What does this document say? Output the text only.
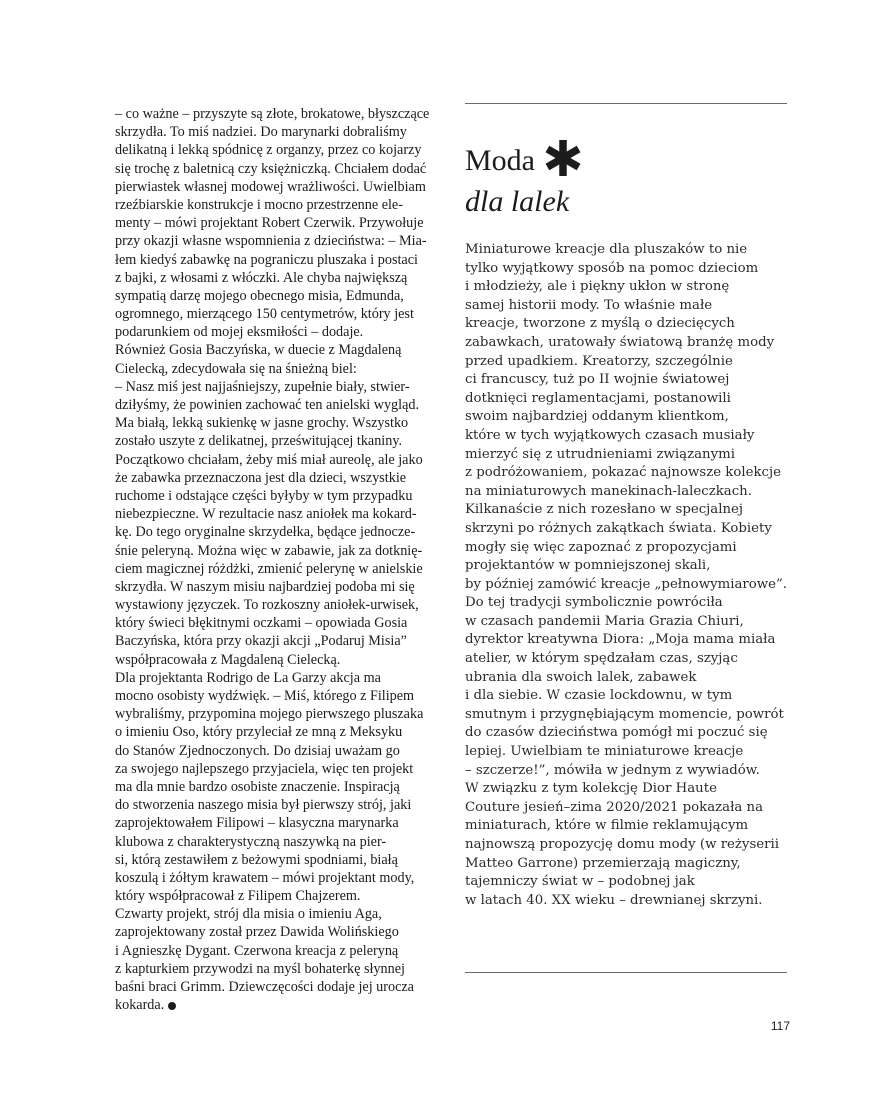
– co ważne – przyszyte są złote, brokatowe, błyszczące
skrzydła. To miś nadziei. Do marynarki dobraliśmy
delikatną i lekką spódnicę z organzy, przez co kojarzy
się trochę z baletnicą czy księżniczką. Chciałem dodać
pierwiastek własnej modowej wrażliwości. Uwielbiam
rzeźbiarskie konstrukcje i mocno przestrzenne ele-
menty – mówi projektant Robert Czerwik. Przywołuje
przy okazji własne wspomnienia z dzieciństwa: – Mia-
łem kiedyś zabawkę na pograniczu pluszaka i postaci
z bajki, z włosami z włóczki. Ale chyba największą
sympatią darzę mojego obecnego misia, Edmunda,
ogromnego, mierzącego 150 centymetrów, który jest
podarunkiem od mojej eksmiłości – dodaje.
Również Gosia Baczyńska, w duecie z Magdaleną
Cielecką, zdecydowała się na śnieżną biel:
– Nasz miś jest najjaśniejszy, zupełnie biały, stwier-
dziłyśmy, że powinien zachować ten anielski wygląd.
Ma białą, lekką sukienkę w jasne grochy. Wszystko
zostało uszyte z delikatnej, prześwitującej tkaniny.
Początkowo chciałam, żeby miś miał aureolę, ale jako
że zabawka przeznaczona jest dla dzieci, wszystkie
ruchome i odstające części byłyby w tym przypadku
niebezpieczne. W rezultacie nasz aniołek ma kokard-
kę. Do tego oryginalne skrzydełka, będące jednocze-
śnie peleryną. Można więc w zabawie, jak za dotknię-
ciem magicznej różdżki, zmienić pelerynę w anielskie
skrzydła. W naszym misiu najbardziej podoba mi się
wystawiony języczek. To rozkoszny aniołek-urwisek,
który świeci błękitnymi oczkami – opowiada Gosia
Baczyńska, która przy okazji akcji „Podaruj Misia”
współpracowała z Magdaleną Cielecką.
Dla projektanta Rodrigo de La Garzy akcja ma
mocno osobisty wydźwięk. – Miś, którego z Filipem
wybraliśmy, przypomina mojego pierwszego pluszaka
o imieniu Oso, który przyleciał ze mną z Meksyku
do Stanów Zjednoczonych. Do dzisiaj uważam go
za swojego najlepszego przyjaciela, więc ten projekt
ma dla mnie bardzo osobiste znaczenie. Inspiracją
do stworzenia naszego misia był pierwszy strój, jaki
zaprojektowałem Filipowi – klasyczna marynarka
klubowa z charakterystyczną naszywką na pier-
si, którą zestawiłem z beżowymi spodniami, białą
koszulą i żółtym krawatem – mówi projektant mody,
który współpracował z Filipem Chajzerem.
Czwarty projekt, strój dla misia o imieniu Aga,
zaprojektowany został przez Dawida Wolińskiego
i Agnieszkę Dygant. Czerwona kreacja z peleryną
z kapturkiem przywodzi na myśl bohaterkę słynnej
baśni braci Grimm. Dziewczęcości dodaje jej urocza
kokarda.
Moda
dla lalek
Miniaturowe kreacje dla pluszaków to nie
tylko wyjątkowy sposób na pomoc dzieciom
i młodzieży, ale i piękny ukłon w stronę
samej historii mody. To właśnie małe
kreacje, tworzone z myślą o dziecięcych
zabawkach, uratowały światową branżę mody
przed upadkiem. Kreatorzy, szczególnie
ci francuscy, tuż po II wojnie światowej
dotknięci reglamentacjami, postanowili
swoim najbardziej oddanym klientkom,
które w tych wyjątkowych czasach musiały
mierzyć się z utrudnieniami związanymi
z podróżowaniem, pokazać najnowsze kolekcje
na miniaturowych manekinach-laleczkach.
Kilkanaście z nich rozesłano w specjalnej
skrzyni po różnych zakątkach świata. Kobiety
mogły się więc zapoznać z propozycjami
projektantów w pomniejszonej skali,
by później zamówić kreacje „pełnowymiarowe”.
Do tej tradycji symbolicznie powróciła
w czasach pandemii Maria Grazia Chiuri,
dyrektor kreatywna Diora: „Moja mama miała
atelier, w którym spędzałam czas, szyjąc
ubrania dla swoich lalek, zabawek
i dla siebie. W czasie lockdownu, w tym
smutnym i przygnębiającym momencie, powrót
do czasów dzieciństwa pomógł mi poczuć się
lepiej. Uwielbiam te miniaturowe kreacje
– szczerze!”, mówiła w jednym z wywiadów.
W związku z tym kolekcję Dior Haute
Couture jesień–zima 2020/2021 pokazała na
miniaturach, które w filmie reklamującym
najnowszą propozycję domu mody (w reżyserii
Matteo Garrone) przemierzają magiczny,
tajemniczy świat w – podobnej jak
w latach 40. XX wieku – drewnianej skrzyni.
117
